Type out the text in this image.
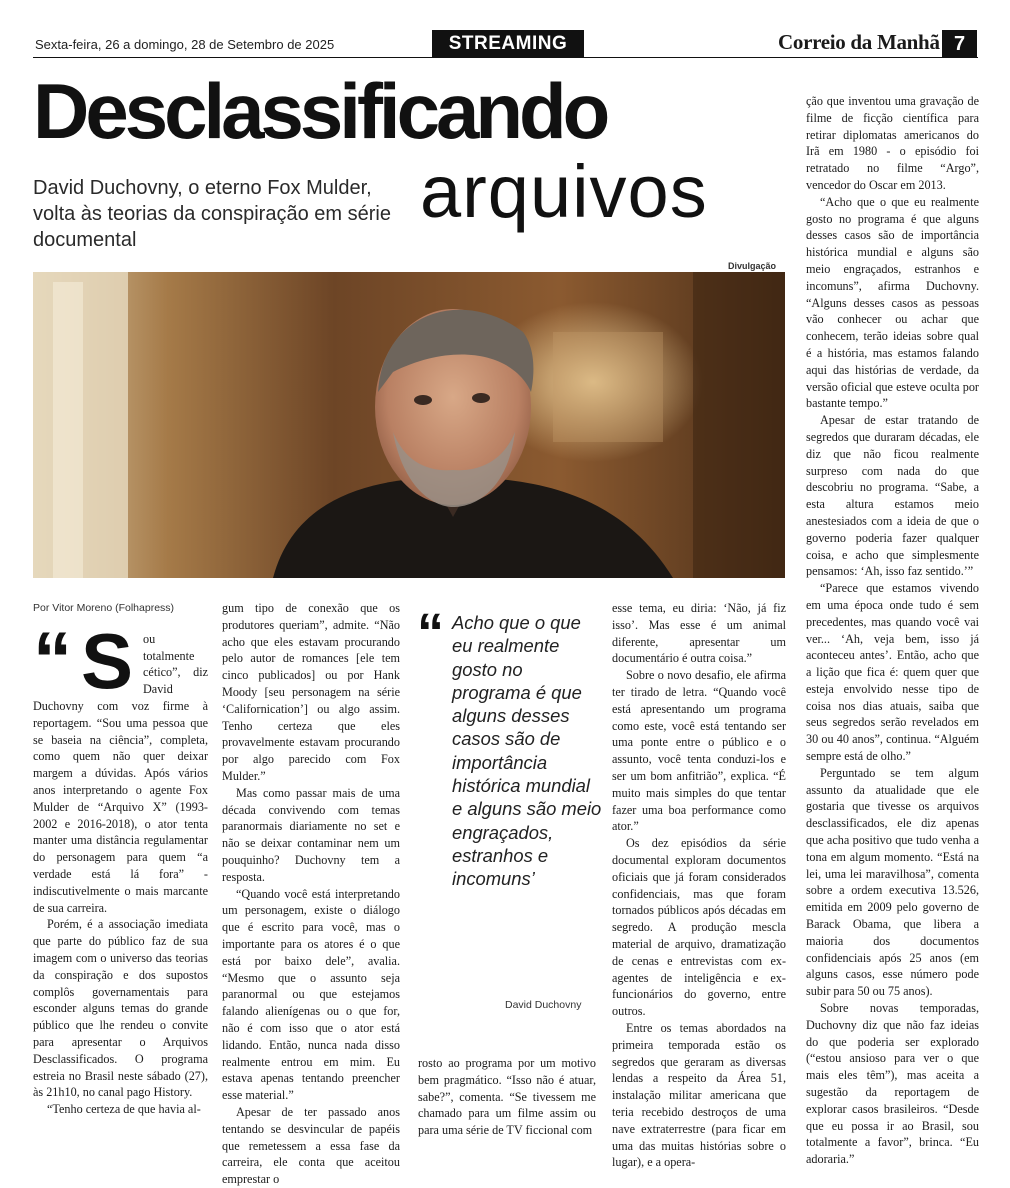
Sexta-feira, 26 a domingo, 28 de Setembro de 2025	STREAMING	Correio da Manhã 7
Desclassificando
arquivos
David Duchovny, o eterno Fox Mulder, volta às teorias da conspiração em série documental
Divulgação
Por Vitor Moreno (Folhapress)
“ S ou totalmente cético”, diz David Duchovny com voz firme à reportagem. “Sou uma pessoa que se baseia na ciência”, completa, como quem não quer deixar margem a dúvidas. Após vários anos interpretando o agente Fox Mulder de “Arquivo X” (1993-2002 e 2016-2018), o ator tenta manter uma distância regulamentar do personagem para quem “a verdade está lá fora” - indiscutivelmente o mais marcante de sua carreira.

Porém, é a associação imediata que parte do público faz de sua imagem com o universo das teorias da conspiração e dos supostos complôs governamentais para esconder alguns temas do grande público que lhe rendeu o convite para apresentar o Arquivos Desclassificados. O programa estreia no Brasil neste sábado (27), às 21h10, no canal pago History.

“Tenho certeza de que havia al-

gum tipo de conexão que os produtores queriam”, admite. “Não acho que eles estavam procurando pelo autor de romances [ele tem cinco publicados] ou por Hank Moody [seu personagem na série ‘Californication’] ou algo assim. Tenho certeza que eles provavelmente estavam procurando por algo parecido com Fox Mulder.”

Mas como passar mais de uma década convivendo com temas paranormais diariamente no set e não se deixar contaminar nem um pouquinho? Duchovny tem a resposta.

“Quando você está interpretando um personagem, existe o diálogo que é escrito para você, mas o importante para os atores é o que está por baixo dele”, avalia. “Mesmo que o assunto seja paranormal ou que estejamos falando alienígenas ou o que for, não é com isso que o ator está lidando. Então, nunca nada disso realmente entrou em mim. Eu estava apenas tentando preencher esse material.”

Apesar de ter passado anos tentando se desvincular de papéis que remetessem a essa fase da carreira, ele conta que aceitou emprestar o

“ Acho que o que eu realmente gosto no programa é que alguns desses casos são de importância histórica mundial e alguns são meio engraçados, estranhos e incomuns’
David Duchovny

rosto ao programa por um motivo bem pragmático. “Isso não é atuar, sabe?”, comenta. “Se tivessem me chamado para um filme assim ou para uma série de TV ficcional com

esse tema, eu diria: ‘Não, já fiz isso’. Mas esse é um animal diferente, apresentar um documentário é outra coisa.”

Sobre o novo desafio, ele afirma ter tirado de letra. “Quando você está apresentando um programa como este, você está tentando ser uma ponte entre o público e o assunto, você tenta conduzi-los e ser um bom anfitrião”, explica. “É muito mais simples do que tentar fazer uma boa performance como ator.”

Os dez episódios da série documental exploram documentos oficiais que já foram considerados confidenciais, mas que foram tornados públicos após décadas em segredo. A produção mescla material de arquivo, dramatização de cenas e entrevistas com ex-agentes de inteligência e ex-funcionários do governo, entre outros.

Entre os temas abordados na primeira temporada estão os segredos que geraram as diversas lendas a respeito da Área 51, instalação militar americana que teria recebido destroços de uma nave extraterrestre (para ficar em uma das muitas histórias sobre o lugar), e a opera-

ção que inventou uma gravação de filme de ficção científica para retirar diplomatas americanos do Irã em 1980 - o episódio foi retratado no filme “Argo”, vencedor do Oscar em 2013.

“Acho que o que eu realmente gosto no programa é que alguns desses casos são de importância histórica mundial e alguns são meio engraçados, estranhos e incomuns”, afirma Duchovny. “Alguns desses casos as pessoas vão conhecer ou achar que conhecem, terão ideias sobre qual é a história, mas estamos falando aqui das histórias de verdade, da versão oficial que esteve oculta por bastante tempo.”

Apesar de estar tratando de segredos que duraram décadas, ele diz que não ficou realmente surpreso com nada do que descobriu no programa. “Sabe, a esta altura estamos meio anestesiados com a ideia de que o governo poderia fazer qualquer coisa, e acho que simplesmente pensamos: ‘Ah, isso faz sentido.’”

“Parece que estamos vivendo em uma época onde tudo é sem precedentes, mas quando você vai ver... ‘Ah, veja bem, isso já aconteceu antes’. Então, acho que a lição que fica é: quem quer que esteja envolvido nesse tipo de coisa nos dias atuais, saiba que seus segredos serão revelados em 30 ou 40 anos”, continua. “Alguém sempre está de olho.”

Perguntado se tem algum assunto da atualidade que ele gostaria que tivesse os arquivos desclassificados, ele diz apenas que acha positivo que tudo venha a tona em algum momento. “Está na lei, uma lei maravilhosa”, comenta sobre a ordem executiva 13.526, emitida em 2009 pelo governo de Barack Obama, que libera a maioria dos documentos confidenciais após 25 anos (em alguns casos, esse número pode subir para 50 ou 75 anos).

Sobre novas temporadas, Duchovny diz que não faz ideias do que poderia ser explorado (“estou ansioso para ver o que mais eles têm”), mas aceita a sugestão da reportagem de explorar casos brasileiros. “Desde que eu possa ir ao Brasil, sou totalmente a favor”, brinca. “Eu adoraria.”
